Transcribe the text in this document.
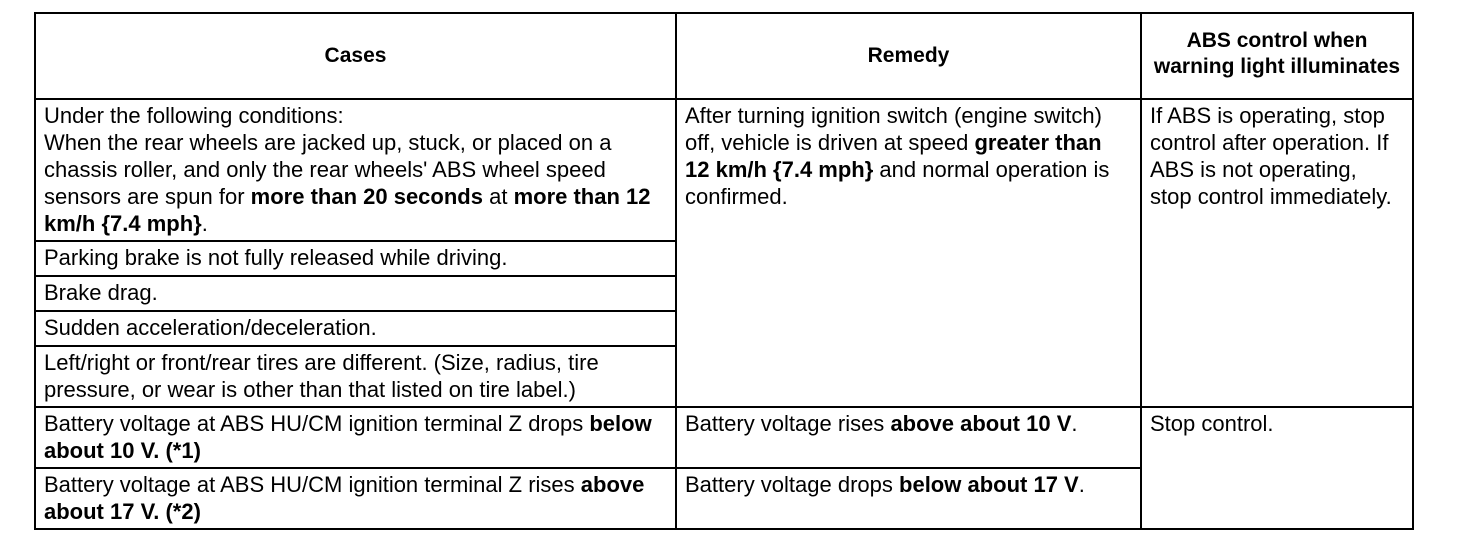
Cases	Remedy	ABS control when warning light illuminates
Under the following conditions:
When the rear wheels are jacked up, stuck, or placed on a chassis roller, and only the rear wheels' ABS wheel speed sensors are spun for more than 20 seconds at more than 12 km/h {7.4 mph}.	After turning ignition switch (engine switch) off, vehicle is driven at speed greater than 12 km/h {7.4 mph} and normal operation is confirmed.	If ABS is operating, stop control after operation. If ABS is not operating, stop control immediately.
Parking brake is not fully released while driving.		
Brake drag.		
Sudden acceleration/deceleration.		
Left/right or front/rear tires are different. (Size, radius, tire pressure, or wear is other than that listed on tire label.)		
Battery voltage at ABS HU/CM ignition terminal Z drops below about 10 V. (*1)	Battery voltage rises above about 10 V.	Stop control.
Battery voltage at ABS HU/CM ignition terminal Z rises above about 17 V. (*2)	Battery voltage drops below about 17 V.	
